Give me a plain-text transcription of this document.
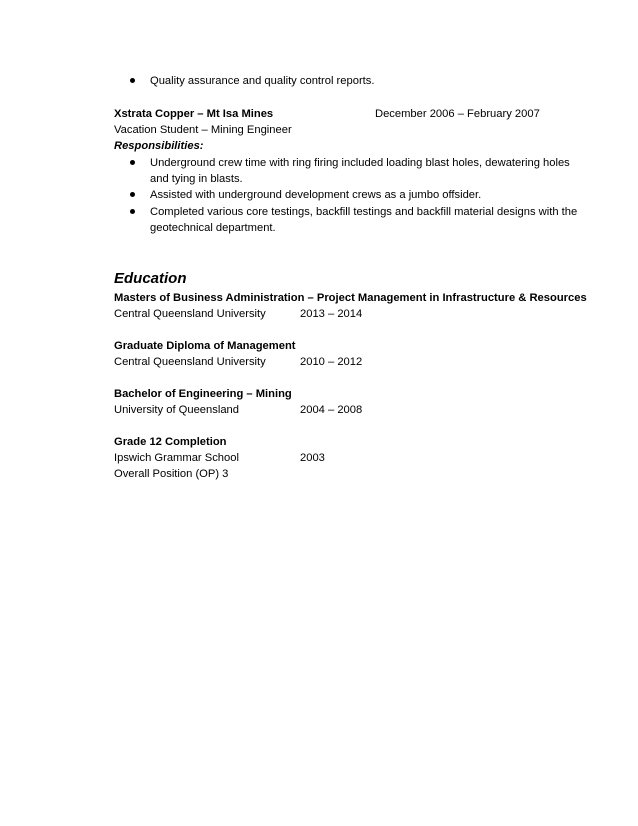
Quality assurance and quality control reports.
Xstrata Copper – Mt Isa Mines	December 2006 – February 2007
Vacation Student – Mining Engineer
Responsibilities:
Underground crew time with ring firing included loading blast holes, dewatering holes
and tying in blasts.
Assisted with underground development crews as a jumbo offsider.
Completed various core testings, backfill testings and backfill material designs with the
geotechnical department.
Education
Masters of Business Administration – Project Management in Infrastructure & Resources
Central Queensland University	2013 – 2014
Graduate Diploma of Management
Central Queensland University	2010 – 2012
Bachelor of Engineering – Mining
University of Queensland	2004 – 2008
Grade 12 Completion
Ipswich Grammar School	2003
Overall Position (OP) 3
